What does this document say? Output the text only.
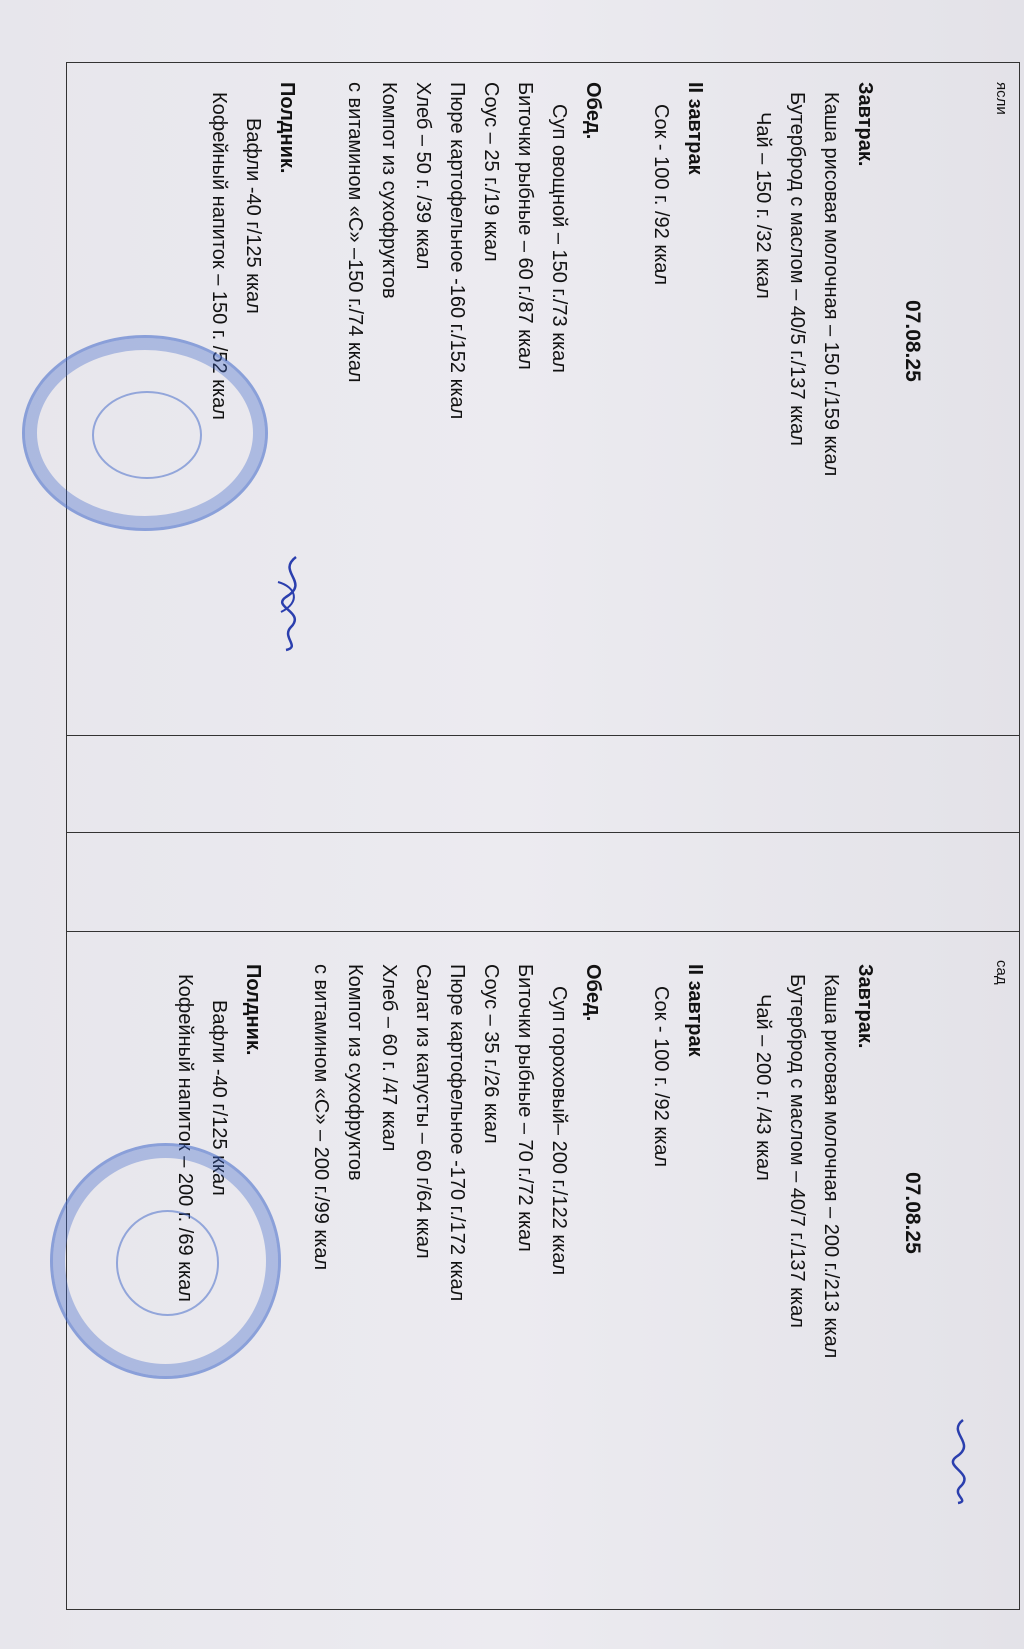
ясли
сад
07.08.25
07.08.25
Завтрак.
Каша рисовая молочная – 150 г./159 ккал
Бутерброд с маслом – 40/5 г./137 ккал
Чай – 150 г. /32 ккал

II завтрак
Сок - 100 г. /92 ккал

Обед.
Суп овощной – 150 г./73 ккал
Биточки рыбные – 60 г./87 ккал
Соус – 25 г./19 ккал
Пюре картофельное -160 г./152 ккал
Хлеб – 50 г. /39 ккал
Компот из сухофруктов
с витамином «С» –150 г./74 ккал

Полдник.
Вафли -40 г/125 ккал
Кофейный напиток – 150 г. /52 ккал
Завтрак.
Каша рисовая молочная – 200 г./213 ккал
Бутерброд с маслом – 40/7 г./137 ккал
Чай – 200 г. /43 ккал

II завтрак
Сок - 100 г. /92 ккал

Обед.
Суп гороховый– 200 г./122 ккал
Биточки рыбные – 70 г./72 ккал
Соус – 35 г./26 ккал
Пюре картофельное -170 г./172 ккал
Салат из капусты – 60 г/64 ккал
Хлеб – 60 г. /47 ккал
Компот из сухофруктов
с витамином «С» – 200 г./99 ккал

Полдник.
Вафли -40 г/125 ккал
Кофейный напиток – 200 г. /69 ккал
